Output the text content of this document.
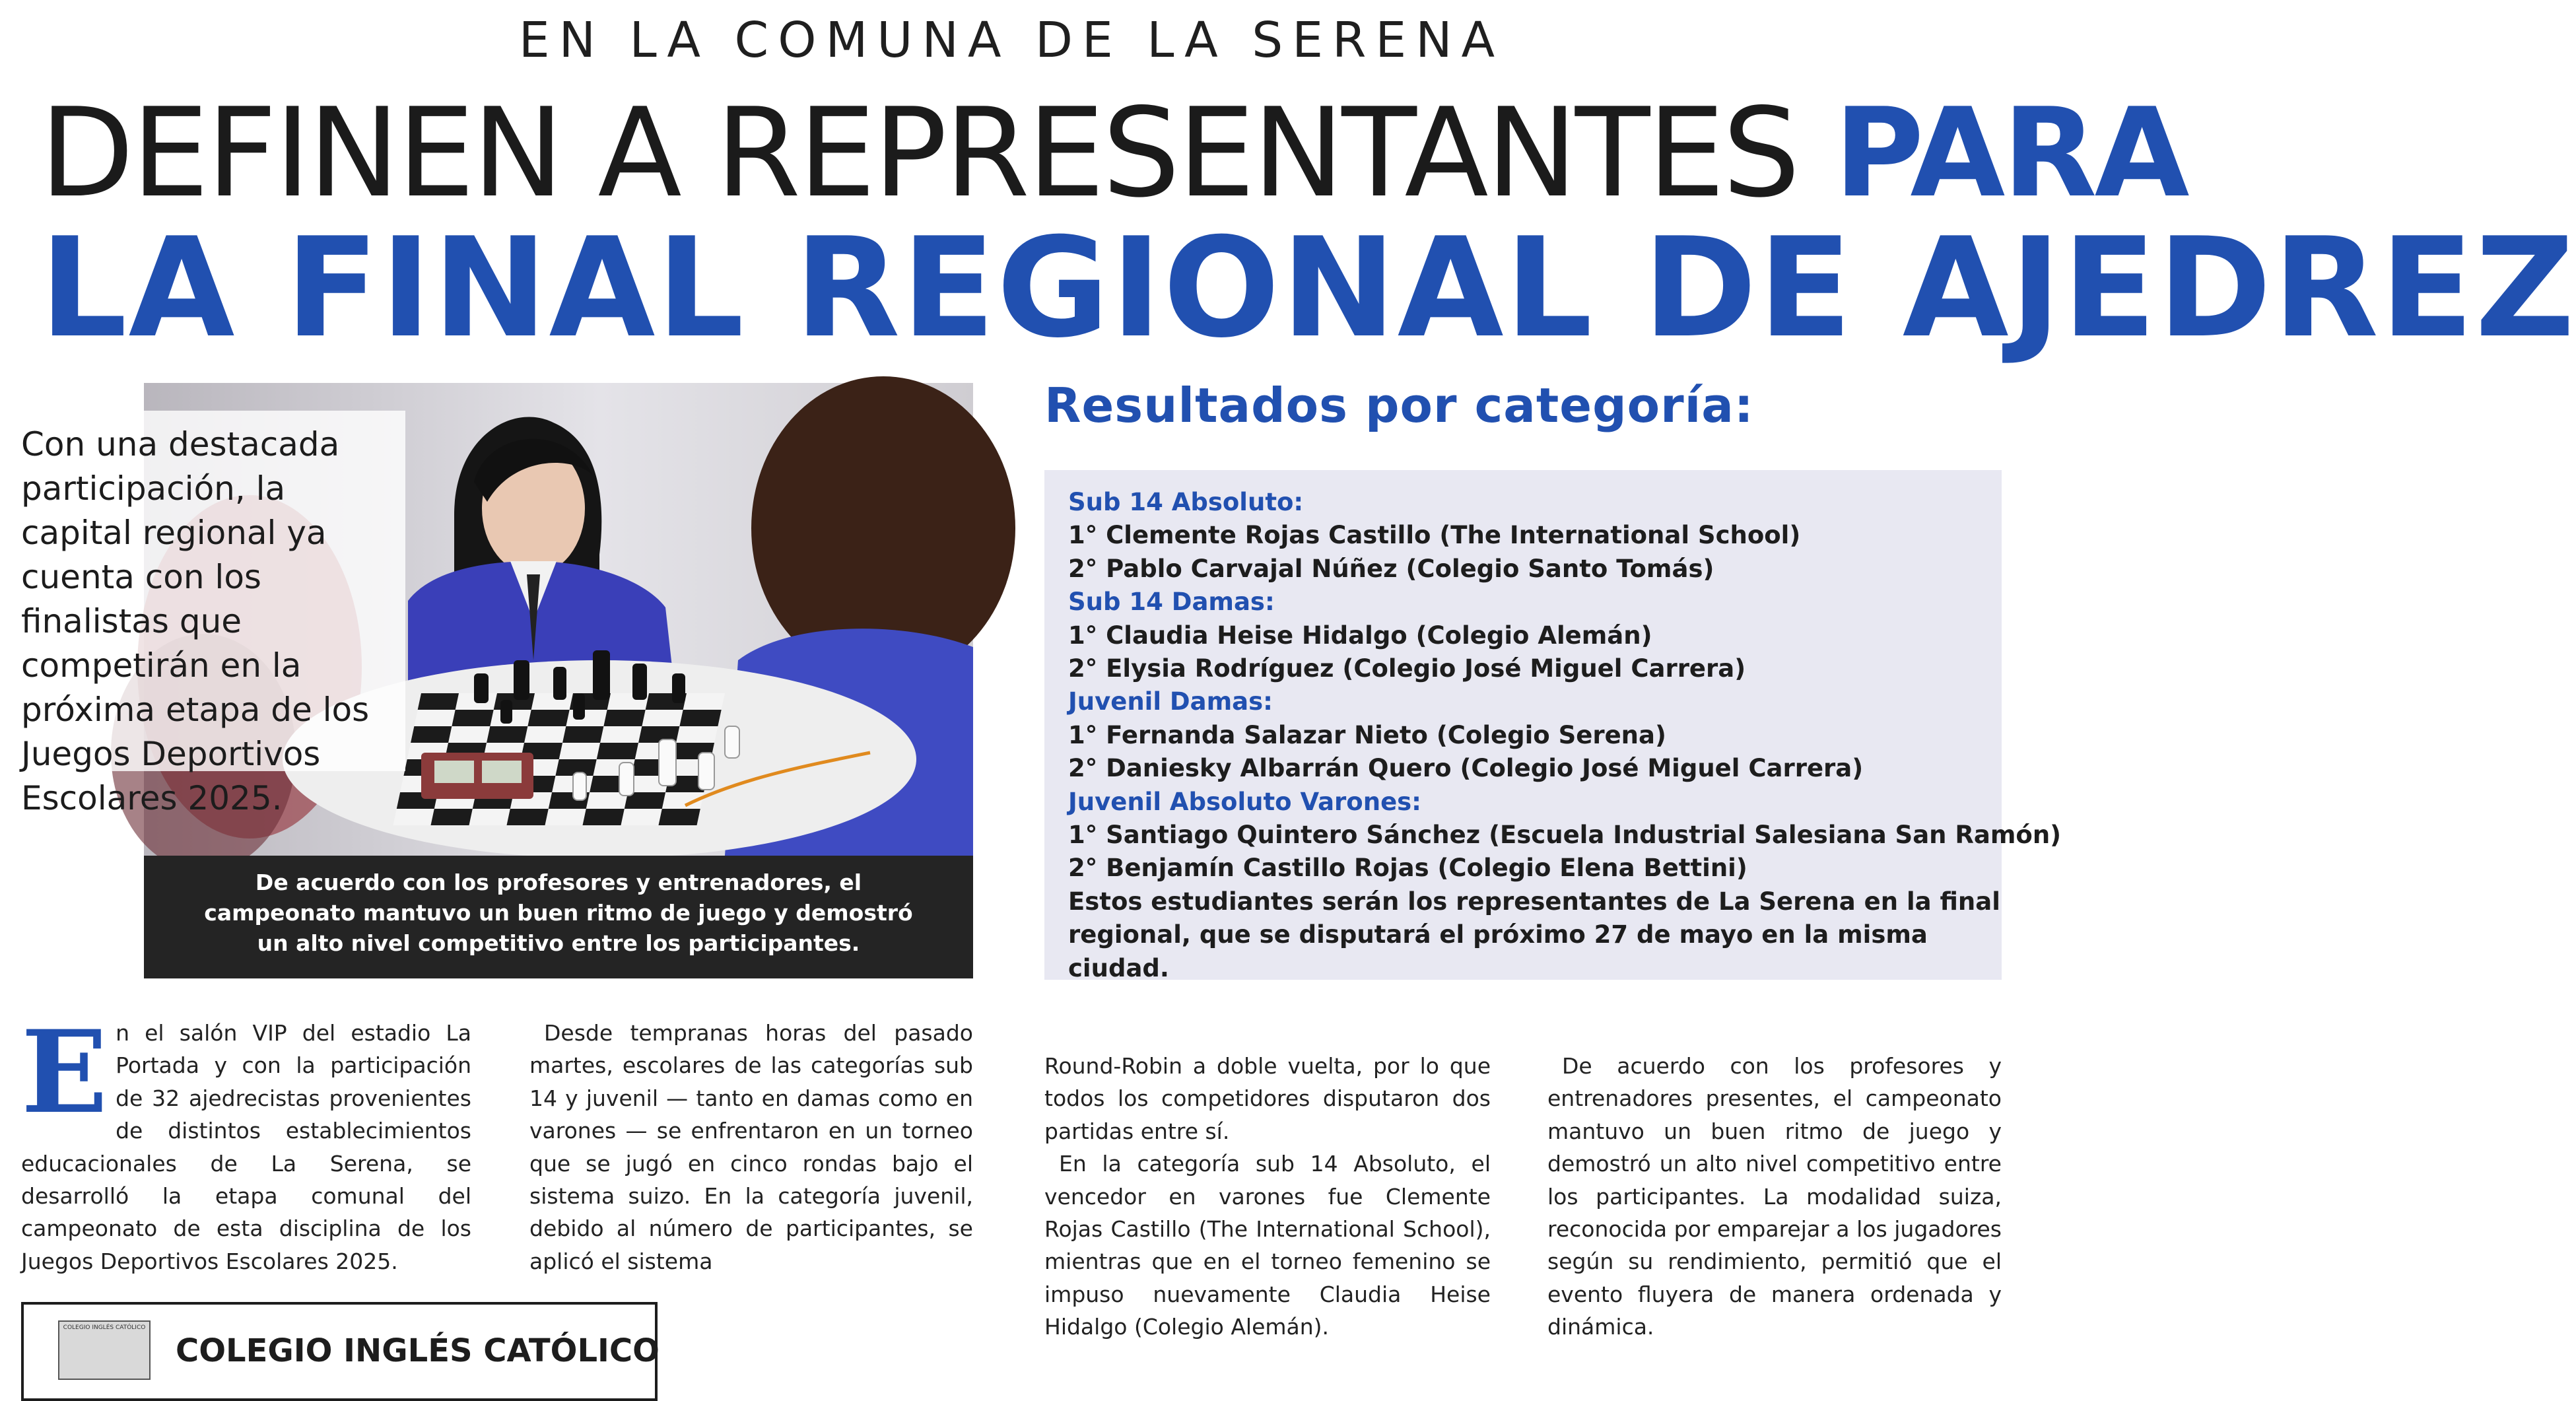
EN LA COMUNA DE LA SERENA
DEFINEN A REPRESENTANTES PARA
LA FINAL REGIONAL DE AJEDREZ
Con una destacada participación, la capital regional ya cuenta con los finalistas que competirán en la próxima etapa de los Juegos Deportivos Escolares 2025.
De acuerdo con los profesores y entrenadores, el campeonato mantuvo un buen ritmo de juego y demostró un alto nivel competitivo entre los participantes.
Resultados por categoría:
Sub 14 Absoluto:
1° Clemente Rojas Castillo (The International School)
2° Pablo Carvajal Núñez (Colegio Santo Tomás)
Sub 14 Damas:
1° Claudia Heise Hidalgo (Colegio Alemán)
2° Elysia Rodríguez (Colegio José Miguel Carrera)
Juvenil Damas:
1° Fernanda Salazar Nieto (Colegio Serena)
2° Daniesky Albarrán Quero (Colegio José Miguel Carrera)
Juvenil Absoluto Varones:
1° Santiago Quintero Sánchez (Escuela Industrial Salesiana San Ramón)
2° Benjamín Castillo Rojas (Colegio Elena Bettini)
Estos estudiantes serán los representantes de La Serena en la final regional, que se disputará el próximo 27 de mayo en la misma ciudad.
E n el salón VIP del estadio La Portada y con la participación de 32 ajedrecistas provenientes de distintos establecimientos educacionales de La Serena, se desarrolló la etapa comunal del campeonato de esta disciplina de los Juegos Deportivos Escolares 2025.

Desde tempranas horas del pasado martes, escolares de las categorías sub 14 y juvenil — tanto en damas como en varones — se enfrentaron en un torneo que se jugó en cinco rondas bajo el sistema suizo. En la categoría juvenil, debido al número de participantes, se aplicó el sistema

Round-Robin a doble vuelta, por lo que todos los competidores disputaron dos partidas entre sí.

En la categoría sub 14 Absoluto, el vencedor en varones fue Clemente Rojas Castillo (The International School), mientras que en el torneo femenino se impuso nuevamente Claudia Heise Hidalgo (Colegio Alemán).

De acuerdo con los profesores y entrenadores presentes, el campeonato mantuvo un buen ritmo de juego y demostró un alto nivel competitivo entre los participantes. La modalidad suiza, reconocida por emparejar a los jugadores según su rendimiento, permitió que el evento fluyera de manera ordenada y dinámica.

COLEGIO INGLÉS CATÓLICO
COLEGIO INGLÉS CATÓLICO
